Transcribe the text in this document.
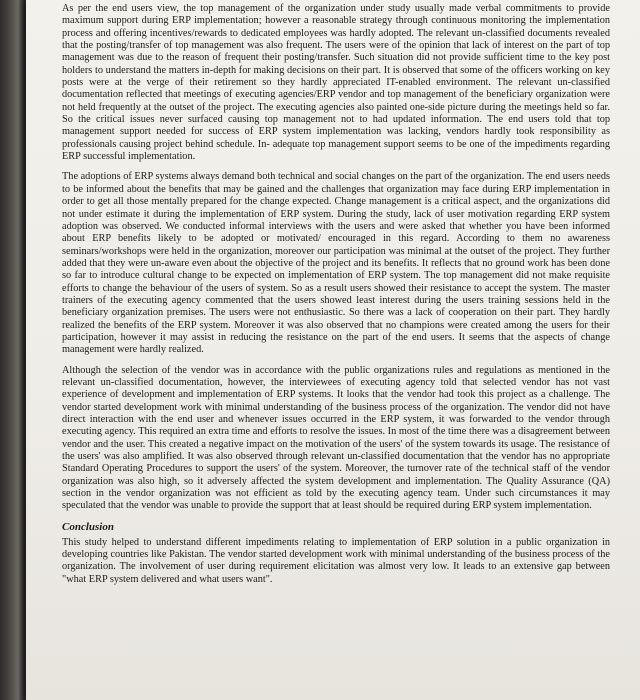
As per the end users view, the top management of the organization under study usually made verbal commitments to provide maximum support during ERP implementation; however a reasonable strategy through continuous monitoring the implementation process and offering incentives/rewards to dedicated employees was hardly adopted. The relevant un-classified documents revealed that the posting/transfer of top management was also frequent. The users were of the opinion that lack of interest on the part of top management was due to the reason of frequent their posting/transfer. Such situation did not provide sufficient time to the key post holders to understand the matters in-depth for making decisions on their part. It is observed that some of the officers working on key posts were at the verge of their retirement so they hardly appreciated IT-enabled environment. The relevant un-classified documentation reflected that meetings of executing agencies/ERP vendor and top management of the beneficiary organization were not held frequently at the outset of the project. The executing agencies also painted one-side picture during the meetings held so far. So the critical issues never surfaced causing top management not to had updated information. The end users told that top management support needed for success of ERP system implementation was lacking, vendors hardly took responsibility as professionals causing project behind schedule. In- adequate top management support seems to be one of the impediments regarding ERP successful implementation.

The adoptions of ERP systems always demand both technical and social changes on the part of the organization. The end users needs to be informed about the benefits that may be gained and the challenges that organization may face during ERP implementation in order to get all those mentally prepared for the change expected. Change management is a critical aspect, and the organizations did not under estimate it during the implementation of ERP system. During the study, lack of user motivation regarding ERP system adoption was observed. We conducted informal interviews with the users and were asked that whether you have been informed about ERP benefits likely to be adopted or motivated/ encouraged in this regard. According to them no awareness seminars/workshops were held in the organization, moreover our participation was minimal at the outset of the project. They further added that they were un-aware even about the objective of the project and its benefits. It reflects that no ground work has been done so far to introduce cultural change to be expected on implementation of ERP system. The top management did not make requisite efforts to change the behaviour of the users of system. So as a result users showed their resistance to accept the system. The master trainers of the executing agency commented that the users showed least interest during the users training sessions held in the beneficiary organization premises. The users were not enthusiastic. So there was a lack of cooperation on their part. They hardly realized the benefits of the ERP system. Moreover it was also observed that no champions were created among the users for their participation, however it may assist in reducing the resistance on the part of the end users. It seems that the aspects of change management were hardly realized.

Although the selection of the vendor was in accordance with the public organizations rules and regulations as mentioned in the relevant un-classified documentation, however, the interviewees of executing agency told that selected vendor has not vast experience of development and implementation of ERP systems. It looks that the vendor had took this project as a challenge. The vendor started development work with minimal understanding of the business process of the organization. The vendor did not have direct interaction with the end user and whenever issues occurred in the ERP system, it was forwarded to the vendor through executing agency. This required an extra time and efforts to resolve the issues. In most of the time there was a disagreement between vendor and the user. This created a negative impact on the motivation of the users' of the system towards its usage. The resistance of the users' was also amplified. It was also observed through relevant un-classified documentation that the vendor has no appropriate Standard Operating Procedures to support the users' of the system. Moreover, the turnover rate of the technical staff of the vendor organization was also high, so it adversely affected the system development and implementation. The Quality Assurance (QA) section in the vendor organization was not efficient as told by the executing agency team. Under such circumstances it may speculated that the vendor was unable to provide the support that at least should be required during ERP system implementation.

Conclusion

This study helped to understand different impediments relating to implementation of ERP solution in a public organization in developing countries like Pakistan. The vendor started development work with minimal understanding of the business process of the organization. The involvement of user during requirement elicitation was almost very low. It leads to an extensive gap between "what ERP system delivered and what users want".
